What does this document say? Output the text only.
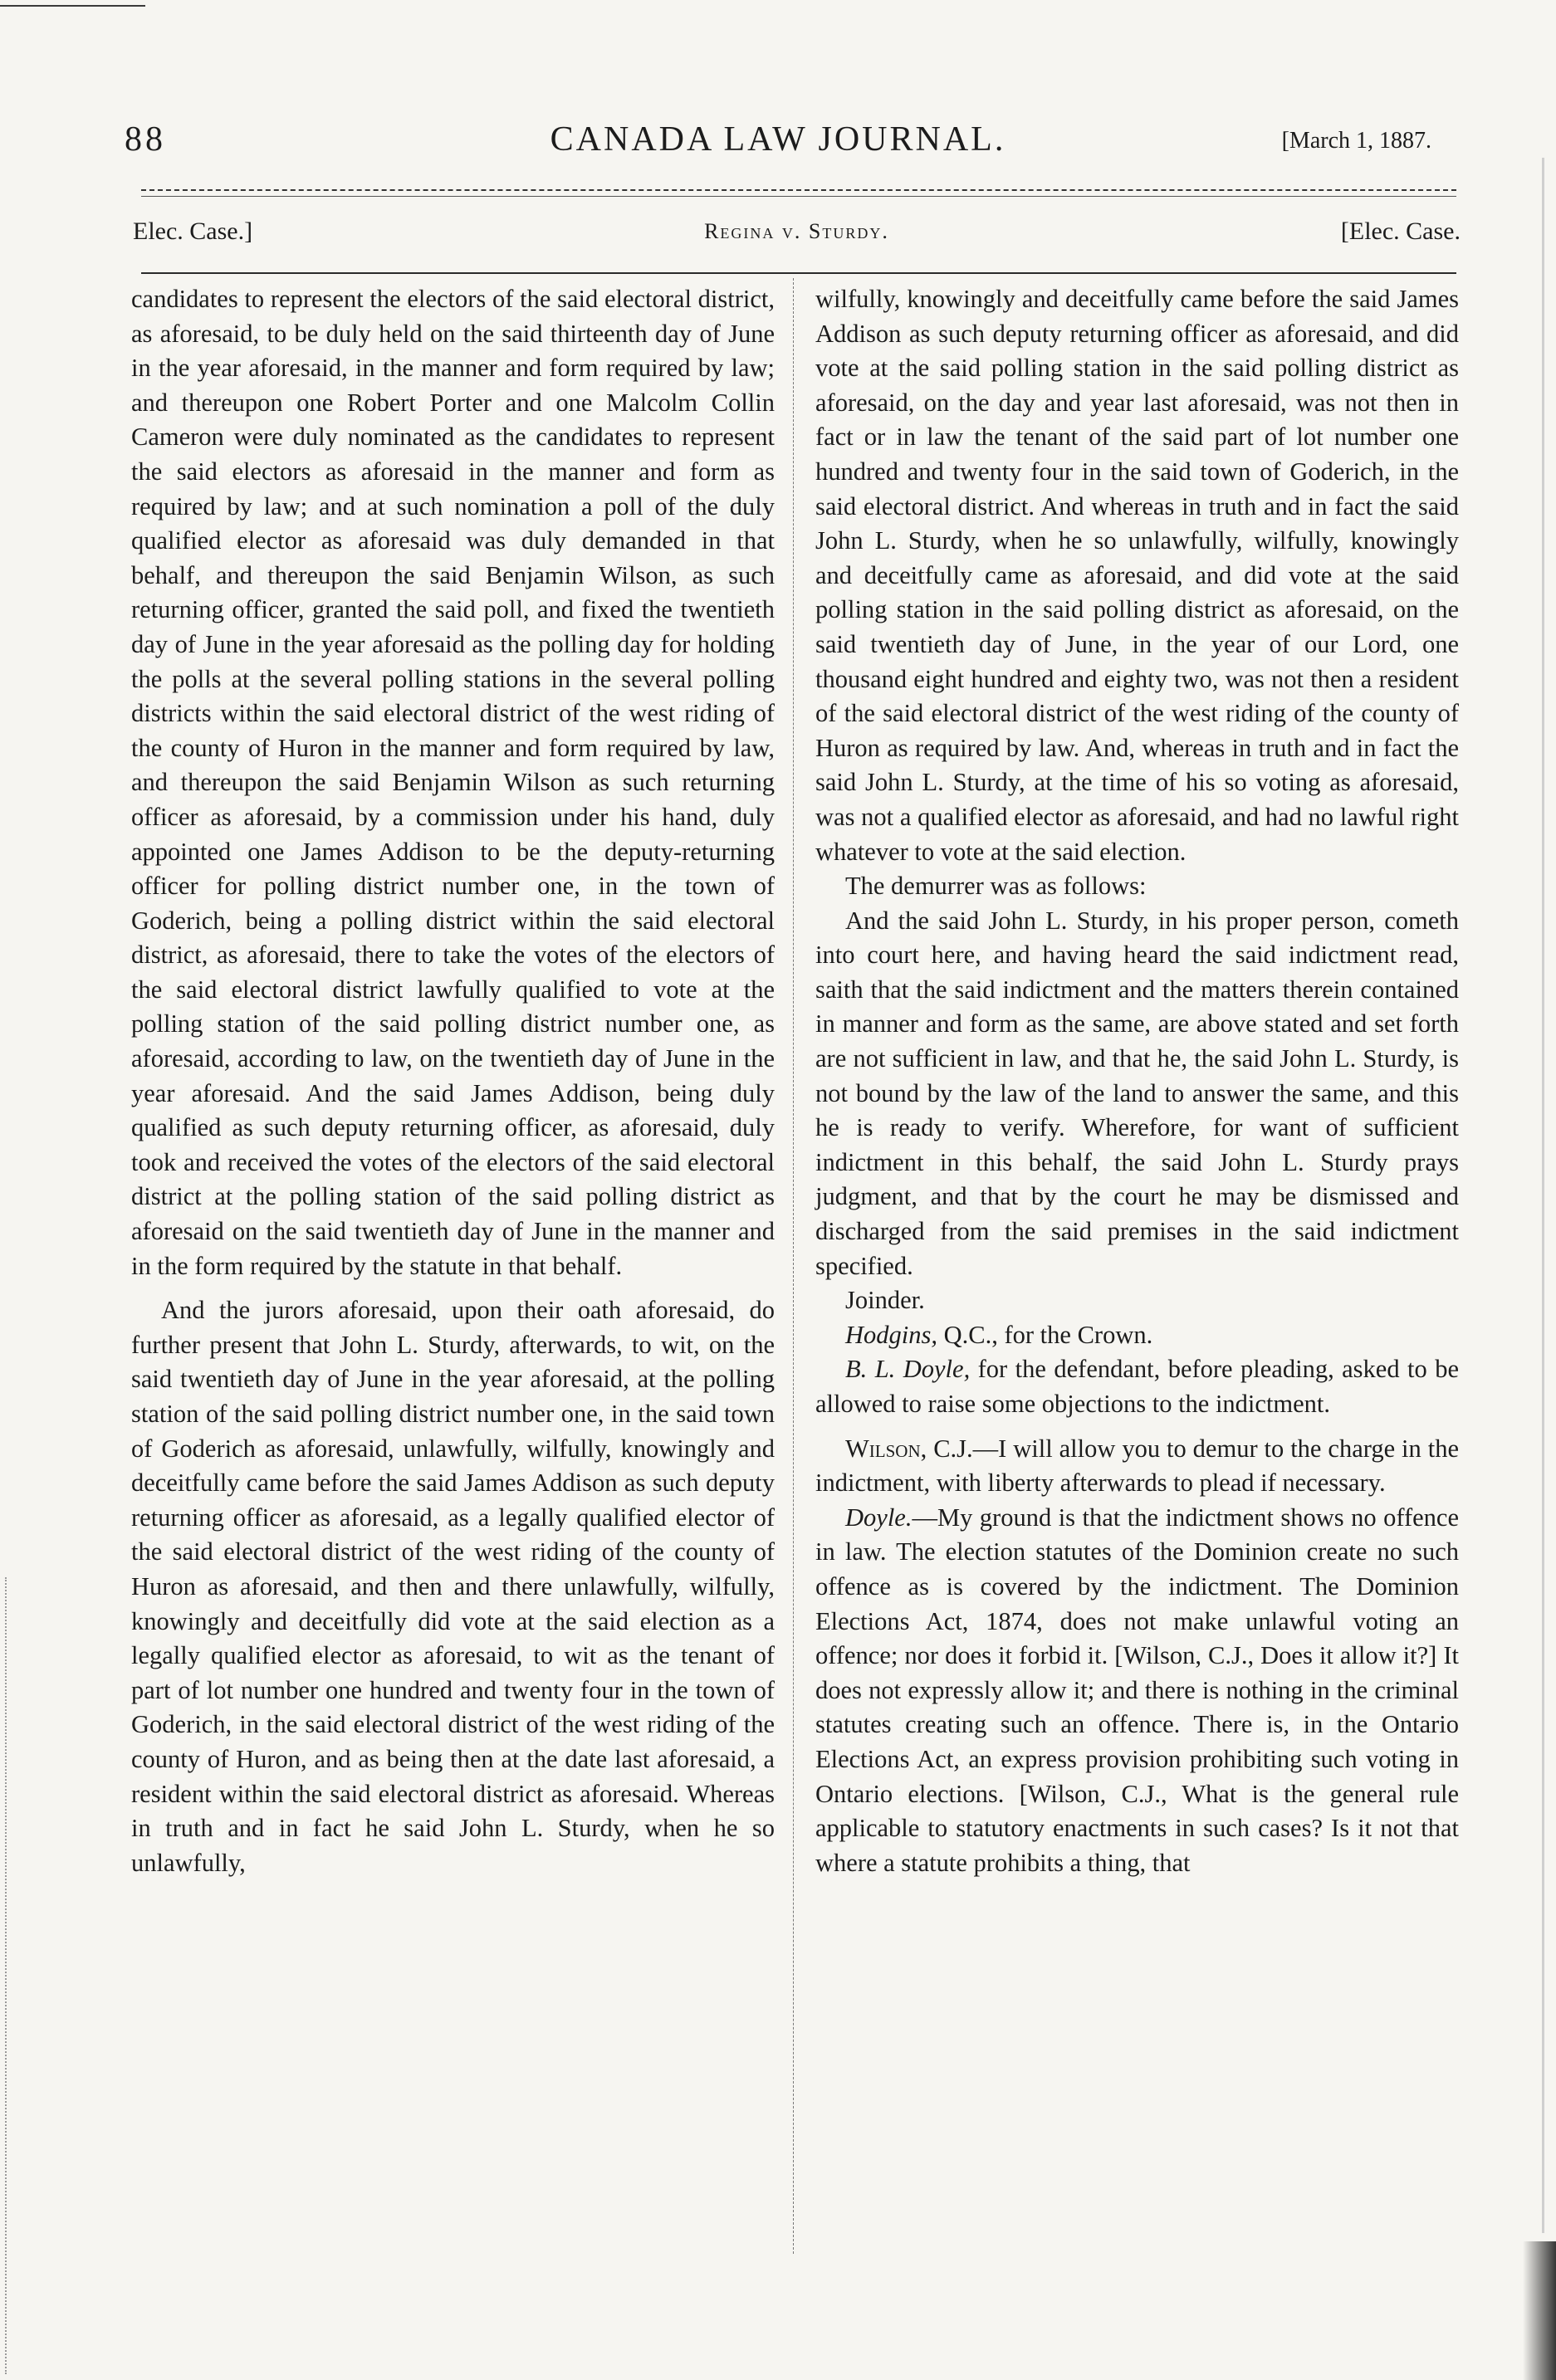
88	CANADA LAW JOURNAL.	[March 1, 1887.
Elec. Case.]	Regina v. Sturdy.	[Elec. Case.

candidates to represent the electors of the said electoral district, as aforesaid, to be duly held on the said thirteenth day of June in the year aforesaid, in the manner and form required by law; and thereupon one Robert Porter and one Malcolm Collin Cameron were duly nominated as the candidates to represent the said electors as aforesaid in the manner and form as required by law; and at such nomination a poll of the duly qualified elector as aforesaid was duly demanded in that behalf, and thereupon the said Benjamin Wilson, as such returning officer, granted the said poll, and fixed the twentieth day of June in the year aforesaid as the polling day for holding the polls at the several polling stations in the several polling districts within the said electoral district of the west riding of the county of Huron in the manner and form required by law, and thereupon the said Benjamin Wilson as such returning officer as aforesaid, by a commission under his hand, duly appointed one James Addison to be the deputy-returning officer for polling district number one, in the town of Goderich, being a polling district within the said electoral district, as aforesaid, there to take the votes of the electors of the said electoral district lawfully qualified to vote at the polling station of the said polling district number one, as aforesaid, according to law, on the twentieth day of June in the year aforesaid. And the said James Addison, being duly qualified as such deputy returning officer, as aforesaid, duly took and received the votes of the electors of the said electoral district at the polling station of the said polling district as aforesaid on the said twentieth day of June in the manner and in the form required by the statute in that behalf.

And the jurors aforesaid, upon their oath aforesaid, do further present that John L. Sturdy, afterwards, to wit, on the said twentieth day of June in the year aforesaid, at the polling station of the said polling district number one, in the said town of Goderich as aforesaid, unlawfully, wilfully, knowingly and deceitfully came before the said James Addison as such deputy returning officer as aforesaid, as a legally qualified elector of the said electoral district of the west riding of the county of Huron as aforesaid, and then and there unlawfully, wilfully, knowingly and deceitfully did vote at the said election as a legally qualified elector as aforesaid, to wit as the tenant of part of lot number one hundred and twenty four in the town of Goderich, in the said electoral district of the west riding of the county of Huron, and as being then at the date last aforesaid, a resident within the said electoral district as aforesaid. Whereas in truth and in fact he said John L. Sturdy, when he so unlawfully,

wilfully, knowingly and deceitfully came before the said James Addison as such deputy returning officer as aforesaid, and did vote at the said polling station in the said polling district as aforesaid, on the day and year last aforesaid, was not then in fact or in law the tenant of the said part of lot number one hundred and twenty four in the said town of Goderich, in the said electoral district. And whereas in truth and in fact the said John L. Sturdy, when he so unlawfully, wilfully, knowingly and deceitfully came as aforesaid, and did vote at the said polling station in the said polling district as aforesaid, on the said twentieth day of June, in the year of our Lord, one thousand eight hundred and eighty two, was not then a resident of the said electoral district of the west riding of the county of Huron as required by law. And, whereas in truth and in fact the said John L. Sturdy, at the time of his so voting as aforesaid, was not a qualified elector as aforesaid, and had no lawful right whatever to vote at the said election.

The demurrer was as follows:

And the said John L. Sturdy, in his proper person, cometh into court here, and having heard the said indictment read, saith that the said indictment and the matters therein contained in manner and form as the same, are above stated and set forth are not sufficient in law, and that he, the said John L. Sturdy, is not bound by the law of the land to answer the same, and this he is ready to verify. Wherefore, for want of sufficient indictment in this behalf, the said John L. Sturdy prays judgment, and that by the court he may be dismissed and discharged from the said premises in the said indictment specified.

Joinder.

Hodgins, Q.C., for the Crown.

B. L. Doyle, for the defendant, before pleading, asked to be allowed to raise some objections to the indictment.

Wilson, C.J.—I will allow you to demur to the charge in the indictment, with liberty afterwards to plead if necessary.

Doyle.—My ground is that the indictment shows no offence in law. The election statutes of the Dominion create no such offence as is covered by the indictment. The Dominion Elections Act, 1874, does not make unlawful voting an offence; nor does it forbid it. [Wilson, C.J., Does it allow it?] It does not expressly allow it; and there is nothing in the criminal statutes creating such an offence. There is, in the Ontario Elections Act, an express provision prohibiting such voting in Ontario elections. [Wilson, C.J., What is the general rule applicable to statutory enactments in such cases? Is it not that where a statute prohibits a thing, that
